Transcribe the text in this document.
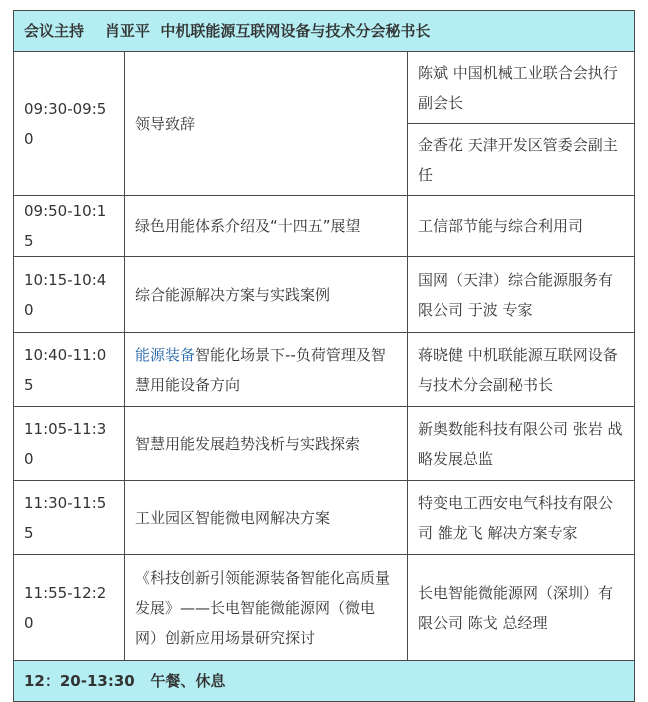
会议主持 肖亚平  中机联能源互联网设备与技术分会秘书长		
09:30-09:50	领导致辞	陈斌 中国机械工业联合会执行副会长
		金香花 天津开发区管委会副主任
09:50-10:15	绿色用能体系介绍及“十四五”展望	工信部节能与综合利用司
10:15-10:40	综合能源解决方案与实践案例	国网（天津）综合能源服务有限公司 于波 专家
10:40-11:05	能源装备智能化场景下--负荷管理及智慧用能设备方向	蒋晓健 中机联能源互联网设备与技术分会副秘书长
11:05-11:30	智慧用能发展趋势浅析与实践探索	新奥数能科技有限公司 张岩 战略发展总监
11:30-11:55	工业园区智能微电网解决方案	特变电工西安电气科技有限公司 雒龙飞 解决方案专家
11:55-12:20	《科技创新引领能源装备智能化高质量发展》——长电智能微能源网（微电网）创新应用场景研究探讨	长电智能微能源网（深圳）有限公司 陈戈 总经理
12：20-13:30 午餐、休息		
